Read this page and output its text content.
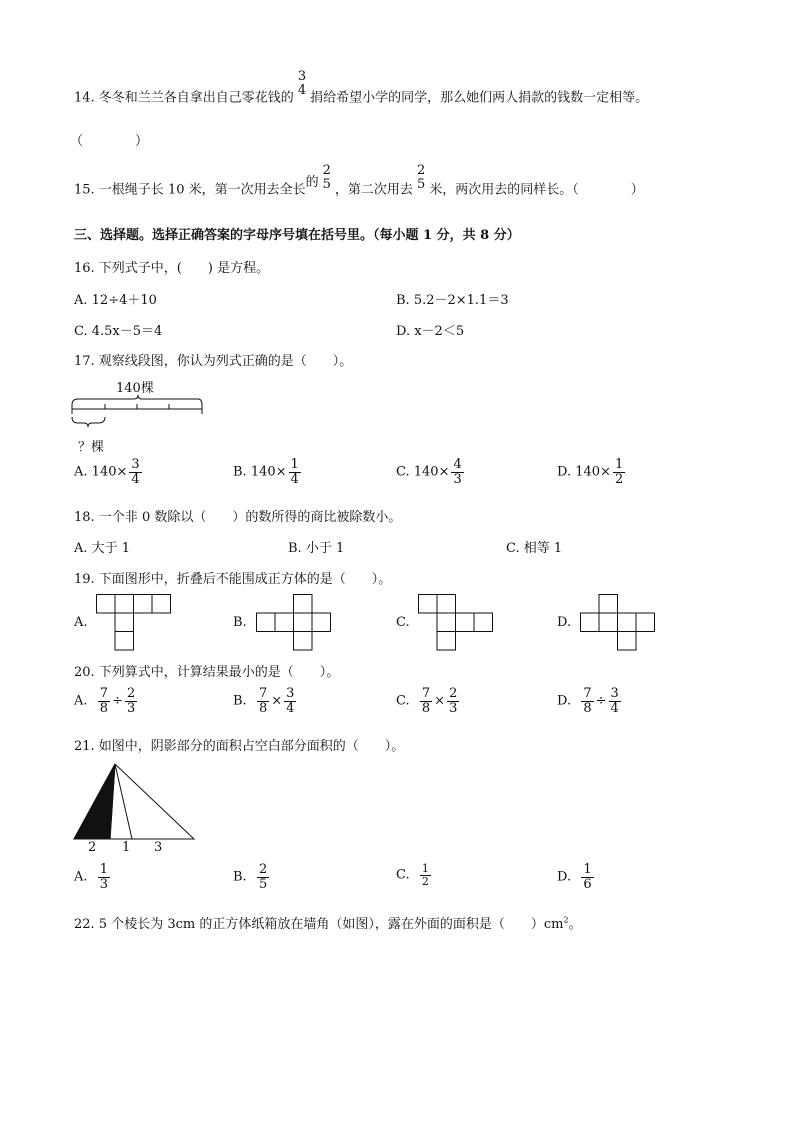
14. 冬冬和兰兰各自拿出自己零花钱的
3
4
捐给希望小学的同学，那么她们两人捐款的钱数一定相等。
（　　　　）
15. 一根绳子长 10 米，第一次用去全长的
2
5 ，第二次用去
2
5 米，两次用去的同样长。（　　　　）
三、选择题。选择正确答案的字母序号填在括号里。（每小题 1 分，共 8 分）
16. 下列式子中，(　　) 是方程。
A. 12÷4＋10	B. 5.2－2×1.1＝3
C. 4.5x－5＝4	D. x－2＜5
17. 观察线段图，你认为列式正确的是（　　）。
140棵
？棵
A. $140\times \frac{3}{4}$	B. $140\times \frac{1}{4}$	C. $140\times \frac{4}{3}$	D. $140\times \frac{1}{2}$
18. 一个非 0 数除以（　　）的数所得的商比被除数小。
A. 大于 1	B. 小于 1	C. 相等 1
19. 下面图形中，折叠后不能围成正方体的是（　　）。
A.	B.	C.	D.
20. 下列算式中，计算结果最小的是（　　）。
A. $\frac{7}{8} \div \frac{2}{3}$	B. $\frac{7}{8} \times \frac{3}{4}$	C. $\frac{7}{8} \times \frac{2}{3}$	D. $\frac{7}{8} \div \frac{3}{4}$
21. 如图中，阴影部分的面积占空白部分面积的（　　）。
2 1 3
A. $\frac{1}{3}$	B. $\frac{2}{5}$	C. $\frac{1}{2}$	D. $\frac{1}{6}$
22. 5 个棱长为 3cm 的正方体纸箱放在墙角（如图），露在外面的面积是（　　）$cm^2$。
